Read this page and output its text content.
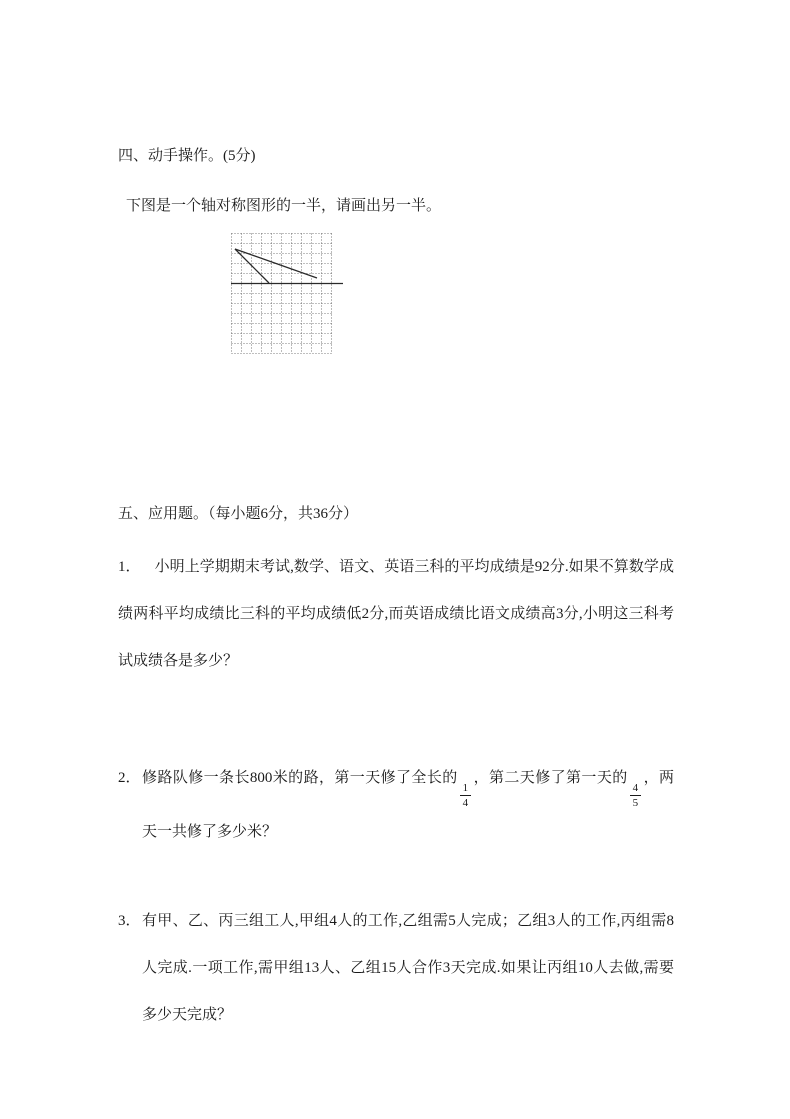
四、动手操作。(5分)

下图是一个轴对称图形的一半，请画出另一半。

五、应用题。（每小题6分，共36分）

1． 小明上学期期末考试,数学、语文、英语三科的平均成绩是92分.如果不算数学成绩两科平均成绩比三科的平均成绩低2分,而英语成绩比语文成绩高3分,小明这三科考试成绩各是多少？

2． 修路队修一条长800米的路，第一天修了全长的
$\frac{1}{4}$
，第二天修了第一天的
$\frac{4}{5}$
，两天一共修了多少米？

3． 有甲、乙、丙三组工人,甲组4人的工作,乙组需5人完成；乙组3人的工作,丙组需8人完成.一项工作,需甲组13人、乙组15人合作3天完成.如果让丙组10人去做,需要多少天完成？
